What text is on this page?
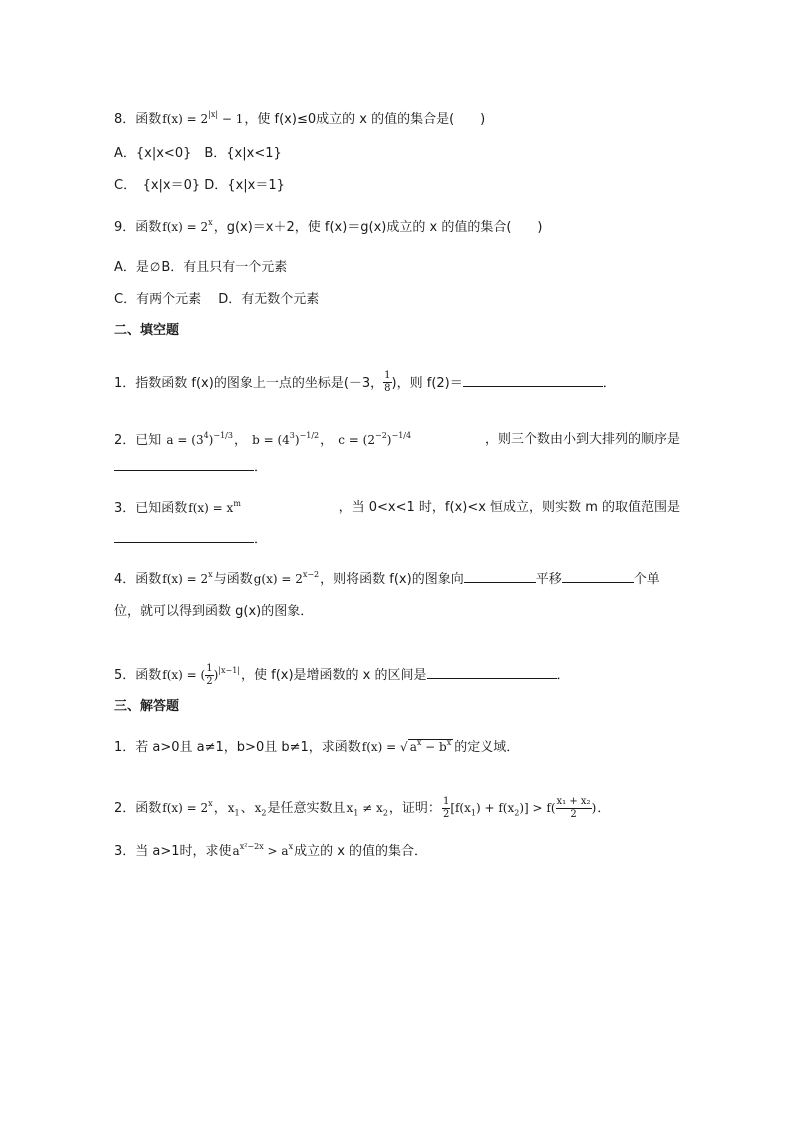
8．函数$f(x) = 2^{|x|} - 1$，使 f(x)≤0成立的 x 的值的集合是(　　)
A．{x|x<0}　B．{x|x<1}
C．　{x|x＝0} D．{x|x＝1}
9．函数$f(x) = 2^x$，g(x)＝x＋2，使 f(x)＝g(x)成立的 x 的值的集合(　　)
A．是∅B．有且只有一个元素
C．有两个元素　 D．有无数个元素
二、填空题
1．指数函数 f(x)的图象上一点的坐标是(－3， $\frac{1}{8}$ )，则 f(2)＝	．
2．已知 $a = (3^4)^{-1/3}$， $b = (4^3)^{-1/2}$， $c = (2^{-2})^{-1/4}$	，则三个数由小到大排列的顺序是
．
3．已知函数$f(x) = x^m$	，当 0<x<1 时，f(x)<x 恒成立，则实数 m 的取值范围是
．
4．函数$f(x) = 2^x$与函数$g(x) = 2^{x-2}$，则将函数 f(x)的图象向	平移	个单
位，就可以得到函数 g(x)的图象．
5．函数f(x) = ( $\frac{1}{2} )^{|x-1|}$，使 f(x)是增函数的 x 的区间是	．
三、解答题
1．若 a>0且 a≠1，b>0且 b≠1，求函数f(x) = √ $a^x - b^x$ 的定义域．
2．函数$f(x) = 2^x$，$x_1$、$x_2$是任意实数且$x_1 \ne x_2$，证明： $\frac{1}{2} [f(x_1) + f(x_2)] > f( \frac{\text{x₁ + x₂}}{2}$ )．
3．当 a>1时，求使$a^{x^2-2x} > a^x$成立的 x 的值的集合．
